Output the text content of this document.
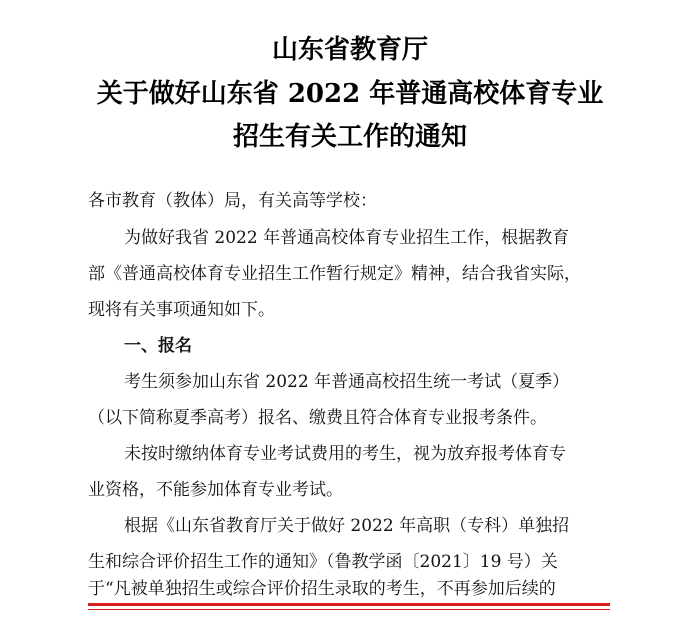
山东省教育厅
关于做好山东省 2022 年普通高校体育专业
招生有关工作的通知
各市教育（教体）局，有关高等学校：
为做好我省 2022 年普通高校体育专业招生工作，根据教育
部《普通高校体育专业招生工作暂行规定》精神，结合我省实际，
现将有关事项通知如下。
一、报名
考生须参加山东省 2022 年普通高校招生统一考试（夏季）
（以下简称夏季高考）报名、缴费且符合体育专业报考条件。
未按时缴纳体育专业考试费用的考生，视为放弃报考体育专
业资格，不能参加体育专业考试。
根据《山东省教育厅关于做好 2022 年高职（专科）单独招
生和综合评价招生工作的通知》（鲁教学函〔2021〕19 号）关
于“凡被单独招生或综合评价招生录取的考生，不再参加后续的
